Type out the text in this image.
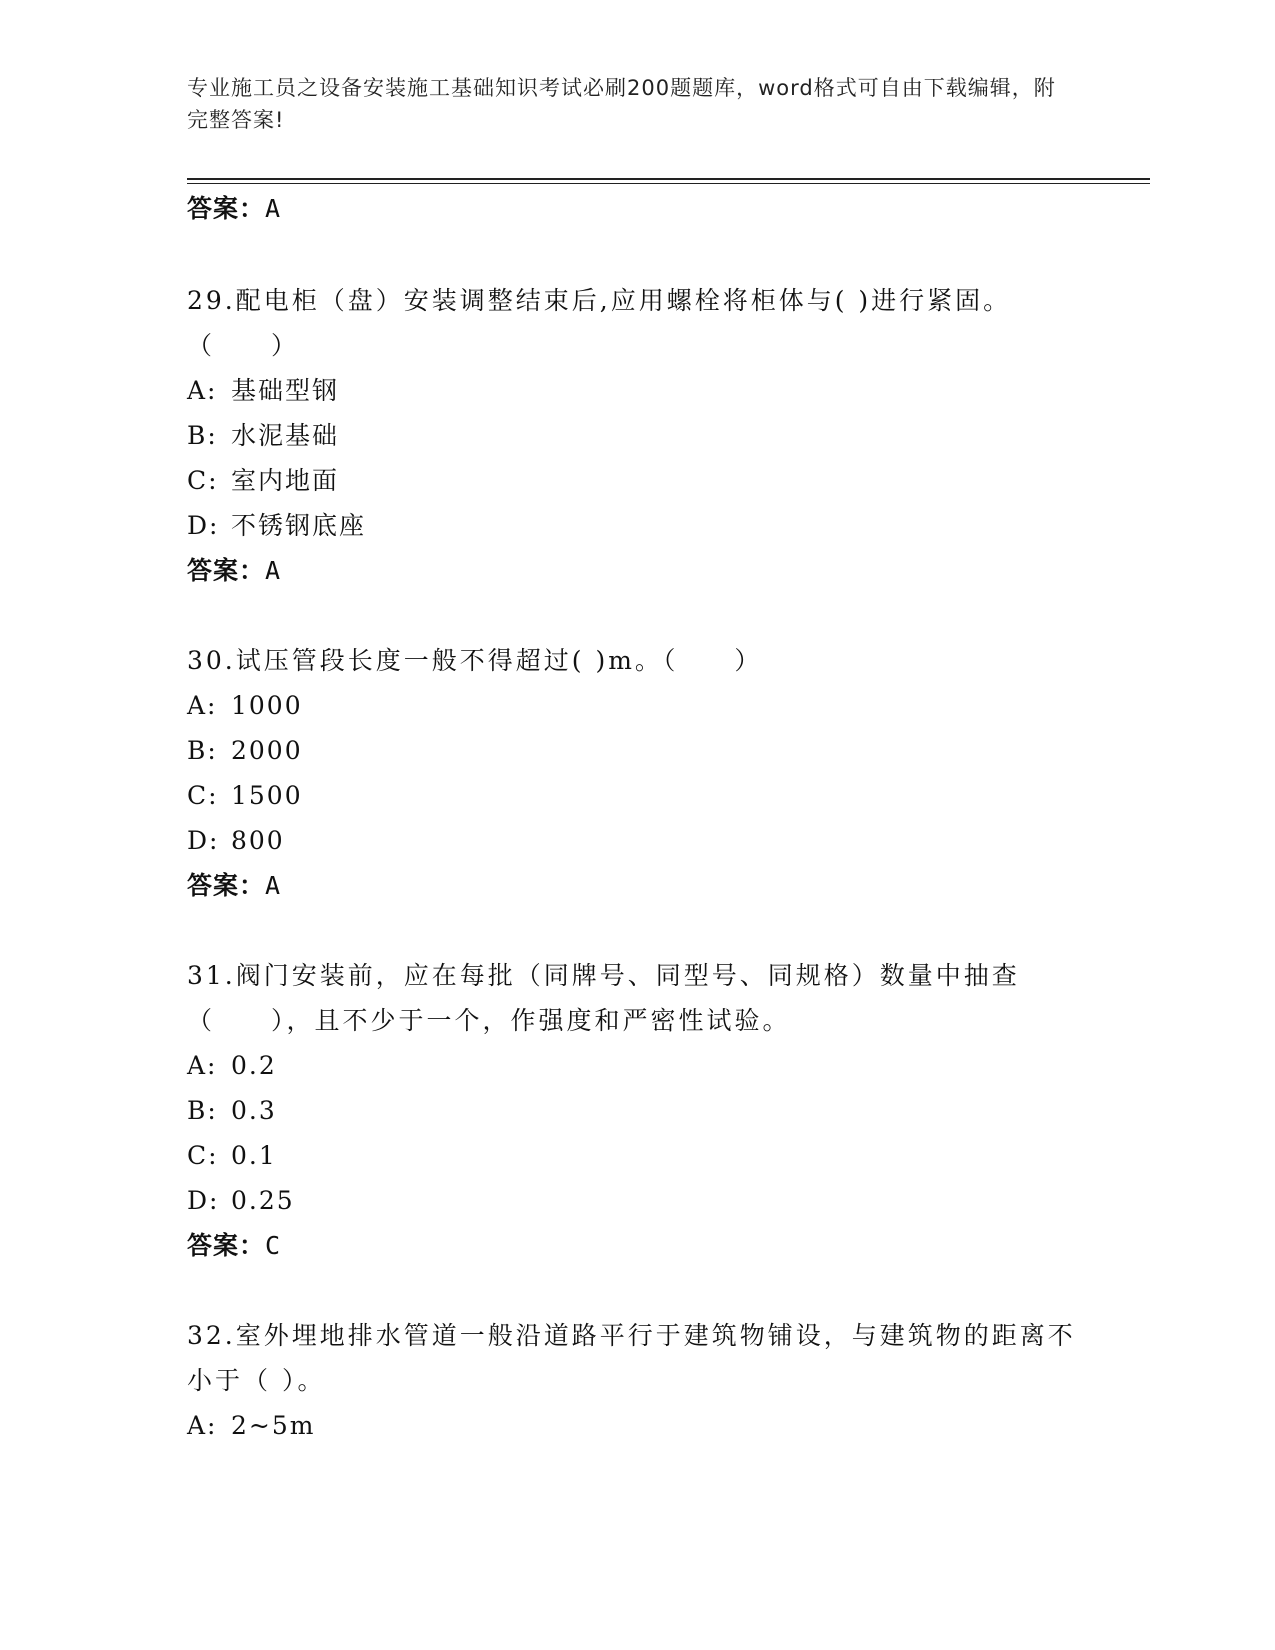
专业施工员之设备安装施工基础知识考试必刷200题题库，word格式可自由下载编辑，附完整答案!
答案：A
29.配电柜（盘）安装调整结束后,应用螺栓将柜体与( )进行紧固。（　　）
A: 基础型钢
B: 水泥基础
C: 室内地面
D: 不锈钢底座
答案：A
30.试压管段长度一般不得超过( )m。（　　）
A: 1000
B: 2000
C: 1500
D: 800
答案：A
31.阀门安装前，应在每批（同牌号、同型号、同规格）数量中抽查（　　），且不少于一个，作强度和严密性试验。
A: 0.2
B: 0.3
C: 0.1
D: 0.25
答案：C
32.室外埋地排水管道一般沿道路平行于建筑物铺设，与建筑物的距离不小于（ ）。
A: 2~5m
